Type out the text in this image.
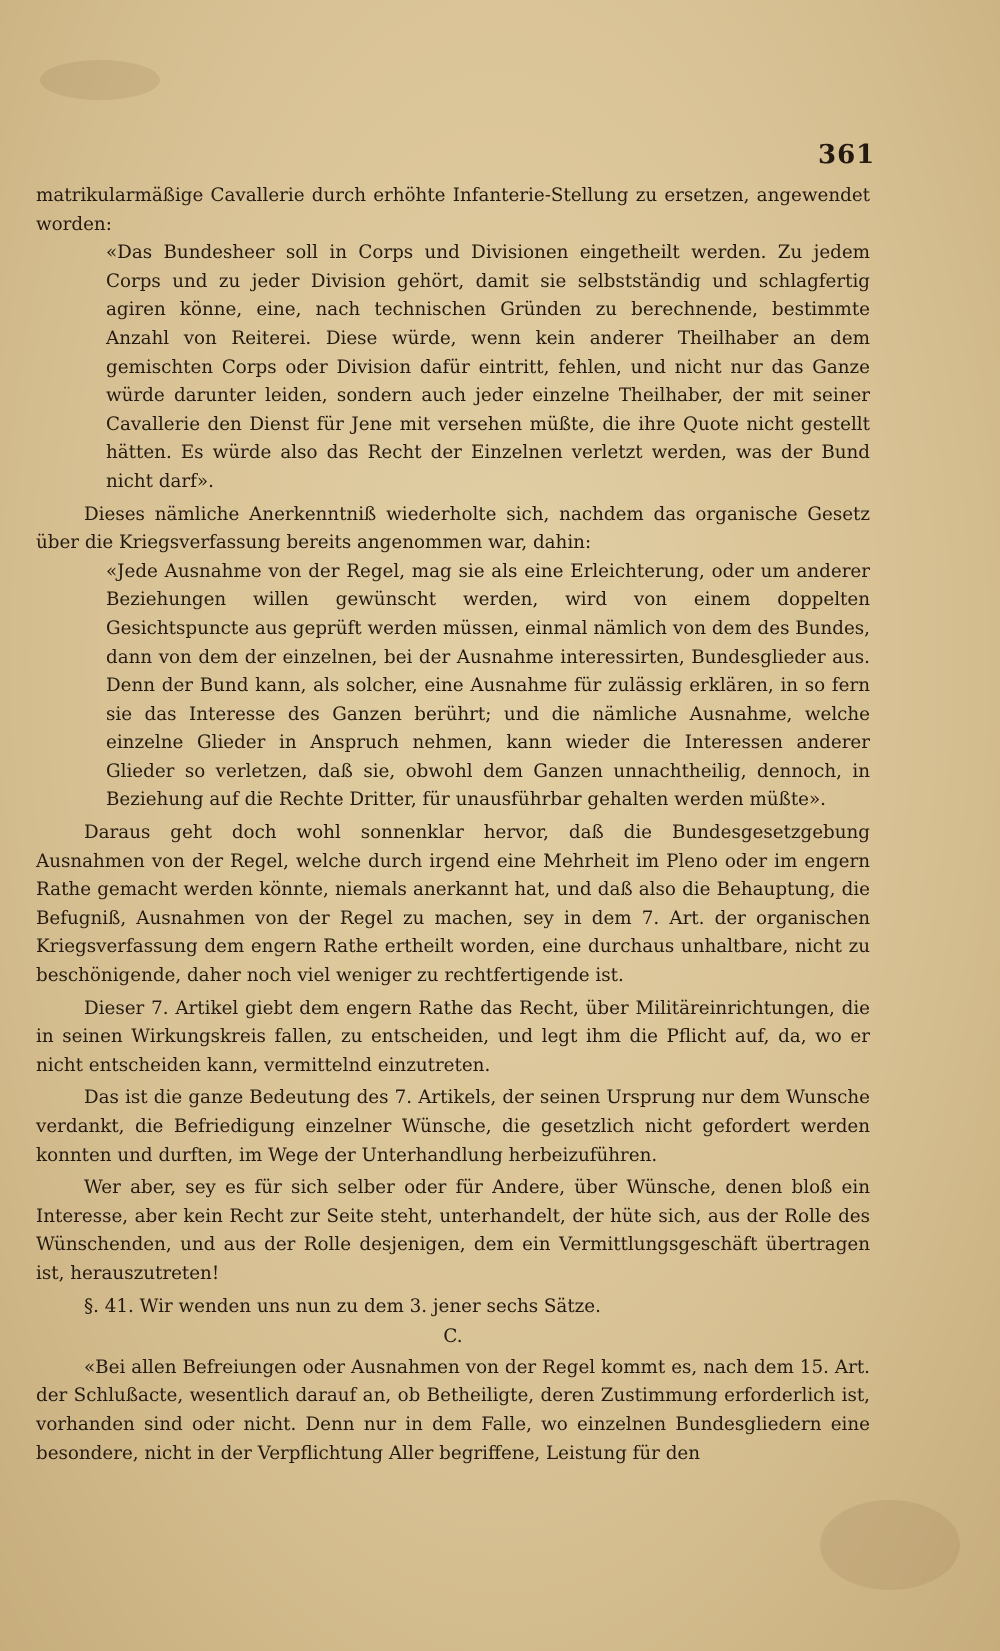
361

matrikularmäßige Cavallerie durch erhöhte Infanterie-Stellung zu ersetzen, angewendet worden:

«Das Bundesheer soll in Corps und Divisionen eingetheilt werden. Zu jedem Corps und zu jeder Division gehört, damit sie selbstständig und schlagfertig agiren könne, eine, nach technischen Gründen zu berechnende, bestimmte Anzahl von Reiterei. Diese würde, wenn kein anderer Theilhaber an dem gemischten Corps oder Division dafür eintritt, fehlen, und nicht nur das Ganze würde darunter leiden, sondern auch jeder einzelne Theilhaber, der mit seiner Cavallerie den Dienst für Jene mit versehen müßte, die ihre Quote nicht gestellt hätten. Es würde also das Recht der Einzelnen verletzt werden, was der Bund nicht darf».

Dieses nämliche Anerkenntniß wiederholte sich, nachdem das organische Gesetz über die Kriegsverfassung bereits angenommen war, dahin:

«Jede Ausnahme von der Regel, mag sie als eine Erleichterung, oder um anderer Beziehungen willen gewünscht werden, wird von einem doppelten Gesichtspuncte aus geprüft werden müssen, einmal nämlich von dem des Bundes, dann von dem der einzelnen, bei der Ausnahme interessirten, Bundesglieder aus. Denn der Bund kann, als solcher, eine Ausnahme für zulässig erklären, in so fern sie das Interesse des Ganzen berührt; und die nämliche Ausnahme, welche einzelne Glieder in Anspruch nehmen, kann wieder die Interessen anderer Glieder so verletzen, daß sie, obwohl dem Ganzen unnachtheilig, dennoch, in Beziehung auf die Rechte Dritter, für unausführbar gehalten werden müßte».

Daraus geht doch wohl sonnenklar hervor, daß die Bundesgesetzgebung Ausnahmen von der Regel, welche durch irgend eine Mehrheit im Pleno oder im engern Rathe gemacht werden könnte, niemals anerkannt hat, und daß also die Behauptung, die Befugniß, Ausnahmen von der Regel zu machen, sey in dem 7. Art. der organischen Kriegsverfassung dem engern Rathe ertheilt worden, eine durchaus unhaltbare, nicht zu beschönigende, daher noch viel weniger zu rechtfertigende ist.

Dieser 7. Artikel giebt dem engern Rathe das Recht, über Militäreinrichtungen, die in seinen Wirkungskreis fallen, zu entscheiden, und legt ihm die Pflicht auf, da, wo er nicht entscheiden kann, vermittelnd einzutreten.

Das ist die ganze Bedeutung des 7. Artikels, der seinen Ursprung nur dem Wunsche verdankt, die Befriedigung einzelner Wünsche, die gesetzlich nicht gefordert werden konnten und durften, im Wege der Unterhandlung herbeizuführen.

Wer aber, sey es für sich selber oder für Andere, über Wünsche, denen bloß ein Interesse, aber kein Recht zur Seite steht, unterhandelt, der hüte sich, aus der Rolle des Wünschenden, und aus der Rolle desjenigen, dem ein Vermittlungsgeschäft übertragen ist, herauszutreten!

§. 41. Wir wenden uns nun zu dem 3. jener sechs Sätze.

C.

«Bei allen Befreiungen oder Ausnahmen von der Regel kommt es, nach dem 15. Art. der Schlußacte, wesentlich darauf an, ob Betheiligte, deren Zustimmung erforderlich ist, vorhanden sind oder nicht. Denn nur in dem Falle, wo einzelnen Bundesgliedern eine besondere, nicht in der Verpflichtung Aller begriffene, Leistung für den
